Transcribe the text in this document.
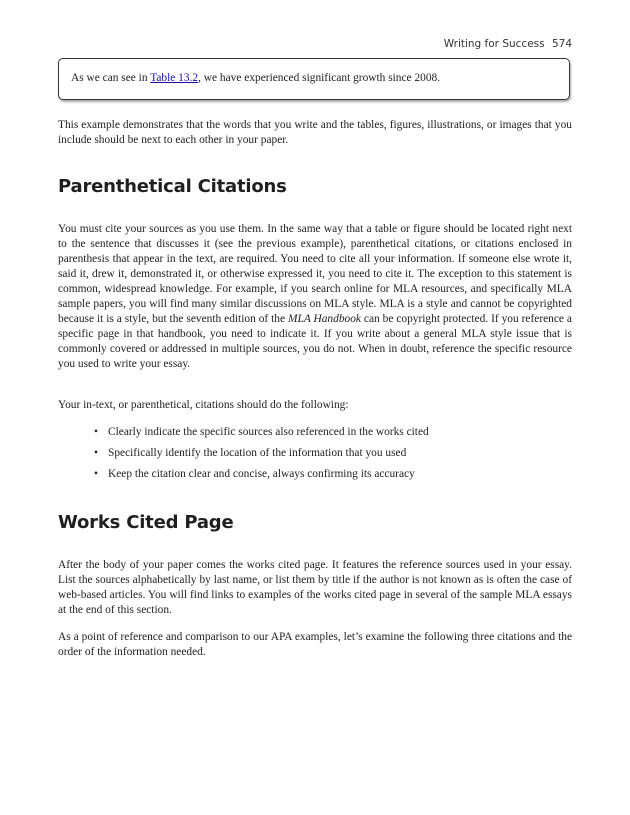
Writing for Success 574
As we can see in Table 13.2, we have experienced significant growth since 2008.

This example demonstrates that the words that you write and the tables, figures, illustrations, or images that you include should be next to each other in your paper.

Parenthetical Citations

You must cite your sources as you use them. In the same way that a table or figure should be located right next to the sentence that discusses it (see the previous example), parenthetical citations, or citations enclosed in parenthesis that appear in the text, are required. You need to cite all your information. If someone else wrote it, said it, drew it, demonstrated it, or otherwise expressed it, you need to cite it. The exception to this statement is common, widespread knowledge. For example, if you search online for MLA resources, and specifically MLA sample papers, you will find many similar discussions on MLA style. MLA is a style and cannot be copyrighted because it is a style, but the seventh edition of the MLA Handbook can be copyright protected. If you reference a specific page in that handbook, you need to indicate it. If you write about a general MLA style issue that is commonly covered or addressed in multiple sources, you do not. When in doubt, reference the specific resource you used to write your essay.

Your in-text, or parenthetical, citations should do the following:

• Clearly indicate the specific sources also referenced in the works cited
• Specifically identify the location of the information that you used
• Keep the citation clear and concise, always confirming its accuracy
Works Cited Page

After the body of your paper comes the works cited page. It features the reference sources used in your essay. List the sources alphabetically by last name, or list them by title if the author is not known as is often the case of web-based articles. You will find links to examples of the works cited page in several of the sample MLA essays at the end of this section.

As a point of reference and comparison to our APA examples, let’s examine the following three citations and the order of the information needed.
